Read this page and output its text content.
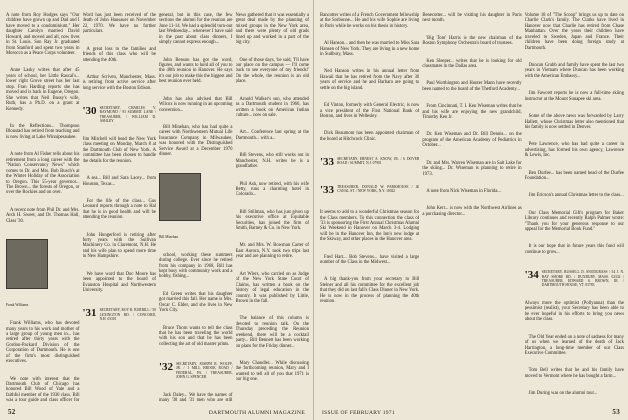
A note from Roy Hodges says "Our children have grown up and Dad and I have moved to a condominium." Her daughter Carolyn married David Howard, and moved and all, now lives in St. Louis. Son Ray Jr. graduated from Stanford and spent two years in Morocco as a Peace Corps volunteer.

Anne Lasky writes that after 45 years of school, her Little Rascal's... lower right Grove street has her last stop. Fran Harding reports she has moved and is back in Eugene, Oregon. She writes that Neil Bussy's wife, Ruth, has a Ph.D. on a grant at Kennedy.

In the Reflections... Thompson Bloustad has retired from teaching and is now living at Lake Winnipesaukee.

A note from Al Fisher tells about his retirement from a long career with the "Nation Conservancy News" which comes to Dr. and Mrs. Bob Busch's at the Winter Holiday of the Association to Oregon. This 55-year governor... The Brown... the forests of Oregon, or over the Rockies and on over.

A recent note from Phil Dr. and Mrs. Arch H. Sweet, and Dr. Thomas Hall, Class '30.

Frank Williams

Frank Williams, who has devoted many years to his work and mother of a large group of young men in... has retired after thirty years with the Gordon-Packard Division of the Corporation of Dartmouth. He is one of the firm's most distinguished executives.

We note with interest that the Dartmouth Club of Chicago has honored Bill Wood of Yale and a faithful member of the 1930 class. Bill was a tour guide and class officer for

Word has just been received of the death of John Hausauer on November 22, 1970. We have no further particulars.

A great loss to the families and friends of this class who will be attending the 40th.

Arthur Scriven, Manchester, Mass. is retiring from active service after long service with the Boston Edison.

'30 SECRETARY, CHARLES V. RAYMOND / 93 SUMMIT LANE / TREASURER, / WILLIAM D. ASHLEY

Jim Mitchell will head the New York class meeting on Monday, March 8 at the Dartmouth Club of New York. A committee has been chosen to handle the details for the reunion.

A sea... Bill and Sara Lacey... from Houston, Texas...

For the life of the class... Gus Leonard reports through a note to Hal that he is in good health and will be attending the reunion.

John Hungerford is retiring after forty years with the Sullivan Machinery Co. in Claremont, N.H. He and his wife plan to spend more time in New Hampshire.

We have word that Doc Moore has been appointed to the board of Evanston Hospital and Northwestern University.

'31 SECRETARY, ROY R. BURRILL / 50 LEXINGTON RD. / CONCORD, N.H. 03301

general, but in this case, the few sections the alumni for the reunion are June 11-14. We had a splendid turn-out last Wednesday... whenever I have said in the past about class dinners, I simply cannot express enough...

John Benson has got the word, figures, and wants to hold all of you to the 40th reunion in Hanover. He says it's our job to make this the biggest and best reunion ever held.

John has also advised that Bill Wilcox is now running in an upcoming convention...

Bill Minehan, who has had quite a career with Northwestern Mutual Life Insurance Company in Milwaukee, was honored with the Distinguished Service Award at a December 1970 dinner.

Bill Minehan

school, working these summers during college. Ever since he retired from his company in 1968, Bill has kept busy with community work and a hobby, fishing...

Ed Green writes that his daughter got married this fall. Her name is Mrs. Oscar C. Elder, and she lives in New York City.

Bruce Thorn wants to tell the class that he has been traveling the world with his son and that he has been collecting the art of old master prints.

'32 SECRETARY, JOSEPH R. WOLFF, JR. / 1 MILL BROOK ROAD / FEDERAL, PA. / TREASURER, JOHN G. SPENCER

Jack Daley... We have the names of many '30 and '31 men who are still

News gathered that it was essentially a great deal made by the planning of mixed groups in the New York area, and there were plenty of old grads lined up and worked in a part of the big city.

One of those days, 'he said, 'I'll have our place on the campus — I'll come back to see everyone of my friends!' On the whole, the reunion is an old place.

Arnold Walker's son, who attended as a Dartmouth student in 1966, has written a book on American Indian culture... now on sale.

Art... Conference last spring at the Dartmouth... with a...

Bill Stevens, who still works out in Manchester, N.H. writes he is a grandfather.

Phil Ash, now retired, with his wife Betty, runs a charming hotel in Colorado...

Bill Stillman, who has just given up his executive office at Equitable Securities, has joined the firm of Smith, Barney & Co. in New York.

Mr. and Mrs. W. Bowman Carter of East Aurora, N.Y. took two trips last year and are planning to retire.

Art Wiers, who carried on as Judge of the New York State Court of Claims, has written a book on the history of legal education in the country. It was published by Little, Brown in the fall.

The balance of this column is devoted to reunion talk. On the Thursday preceding the Reunion weekend, there will be a cocktail party... Bill Bennett has been working on plans for the Friday dinner...

Mary Chandler... While discussing the forthcoming reunion, Mary and I wanted to tell all of you that 1971 is our big one.

52	DARTMOUTH ALUMNI MAGAZINE

Bancotter writes of a French Government fellowship at the Sorbonne... He and his wife Sophie are living in Paris while he works on his thesis in history.

Al Hanson... and then he was married to Miss Sara Hansen of New York. They are living in a new home in Sudbury, Mass.

Ned Hanson writes in his annual letter from Hawaii that he has retired from the Navy after 30 years of service and he and Barbara are going to settle on the big island.

Ed Vinton, formerly with General Electric, is now a vice president of the First National Bank of Boston, and lives in Wellesley.

Dick Beaumont has been appointed chairman of the board at Hitchcock Clinic.

'33 SECRETARY, ERNEST A. KNOW, JR. / 6 DOVER ROAD / SUMMIT, N.J. 07901

'33 TREASURER, DONALD W. PARKHOUSE / 40 CANAL ST. / NEW YORK, N.Y. 10022

It seems to add to a wonderful Christmas season for the Class members. To this connection the class of '33 is sponsoring the First Annual Christmas Alumni Ski Weekend in Hanover on March 3-4. Lodging will be in the Hanover Inn, the Inn's new lodge at the Skiway, and other places in the Hanover area.

Fred Hart... Bob Stevens... have visited a large number of the Class in the Midwest...

A big thank-you from your secretary to Bill Steiner and all his committee for the excellent job that they did on last fall's Class Dinner in New York. He is now in the process of planning the 40th reunion.

Benecotter... will be visiting his daughter in Paris next month.

'Big Tom' Harris is the new chairman of the Boston Symphony Orchestra's board of trustees.

Ken Sleeper... writes that he is looking for old classmates in the Dallas area.

Paul Worthington and Hunter Mann have recently been named to the board of the Thetford Academy...

From Cincinnati, T. I. Ken Wiseman writes that he and his wife are enjoying the new grandchild, Timothy Ken Jr.

Dr. Ken Wiseman and Dr. Bill Dennis... on the program of the American Academy of Pediatrics in October...

Dr. and Mrs. Warren Wiseman are in Salt Lake for the skiing... Dr. Wiseman is planning to retire in 1973.

A note from Nick Wiseman in Florida...

John Kerr... is now with the Northwest Airlines as a purchasing director...

Volume 18 of "The Scoop" brings us up to date on Charlie Clark's family. The Clarks have lived in Hanover now that Charlie has retired from Chase Manhattan. Over the years their children have traveled to Sweden, Japan and France. Their children have been doing foreign study at Dartmouth.

Duncan Grubb and family have spent the last two years in Vietnam where Duncan has been working with the American Embassy...

Jim Fawcett reports he is now a full-time skiing instructor at the Mount Sunapee ski area.

Some of the above news was forwarded by Larry Hallett, whose Christmas letter also mentioned that his family is now settled in Denver.

Pete Lawrence, who has had quite a career in advertising, has formed his own agency, Lawrence & Lewis, Inc.

Ben Durfee... has been named head of the Durfee Foundation...

Jim Ericson's annual Christmas letter to the class...

Our Class Memorial Gift's program for Baker Library continues and recently Ralph Palmer wrote: "Thank you for your generous response to our appeal for the Memorial Book Fund."

It is our hope that in future years this fund will continue to grow...

'34 SECRETARY, RUSSELL D. SNODGRASS / 54 J. N. BAY SHORE RD. / DUXBURY, MASS. 02332 / TREASURER, EDWARD S. BROWN, JR. / DARTMOUTH HOUSE, VT. 05783

Always more the optimist (Pollyanna) than the pessimist (realist), your Secretary has been able to be ever hopeful in his efforts to bring you news about the class.

The Old Year ended on a note of sadness for many of us when we learned of the death of Jack Harrington, a long-time member of our Class Executive Committee.

Tom Bell writes that he and his family have moved to Vermont where he has bought a farm...

Jim During was on the alumni tour...

ISSUE OF FEBRUARY 1971	53
